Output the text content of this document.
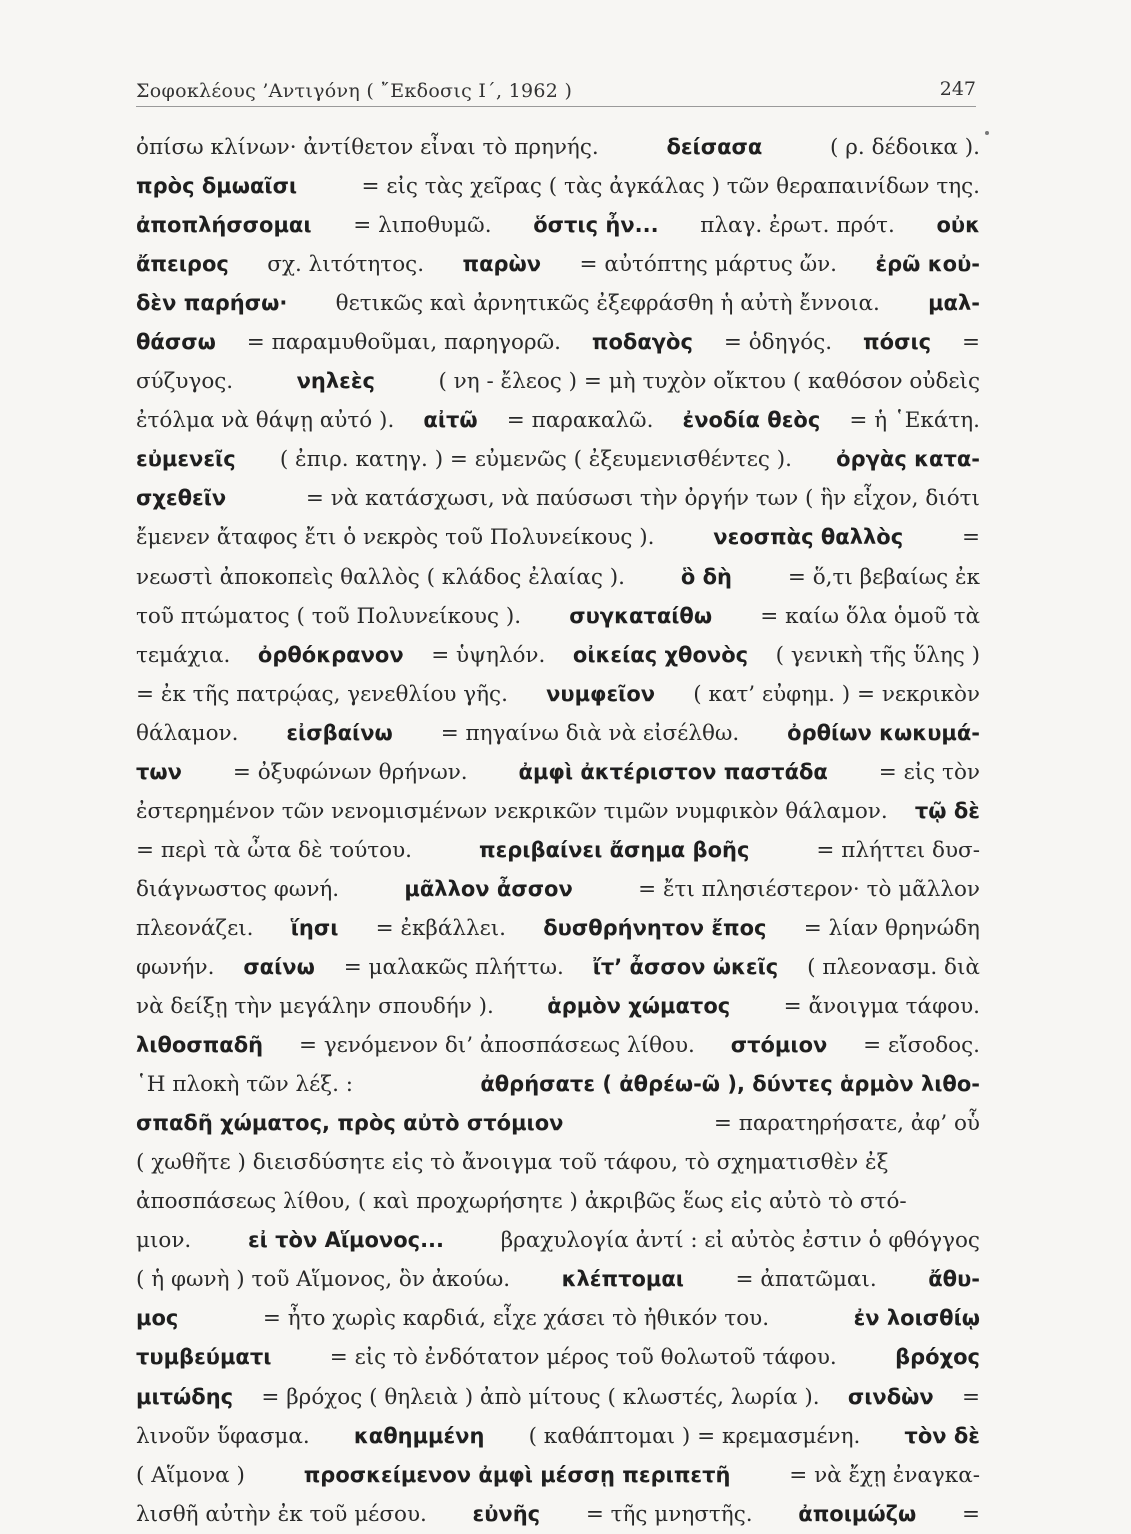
Σοφοκλέους ’Αντιγόνη ( ῎Εκδοσις Ι΄, 1962 )	247
ὀπίσω κλίνων· ἀντίθετον εἶναι τὸ πρηνής.	δείσασα	( ρ. δέδοικα ).
πρὸς δμωαῖσι	= εἰς τὰς χεῖρας ( τὰς ἀγκάλας ) τῶν θεραπαινίδων της.
ἀποπλήσσομαι = λιποθυμῶ. ὅστις ἦν... πλαγ. ἐρωτ. πρότ. οὐκ
ἄπειρος σχ. λιτότητος. παρὼν = αὐτόπτης μάρτυς ὤν. ἐρῶ κοὐ-
δὲν παρήσω· θετικῶς καὶ ἀρνητικῶς ἐξεφράσθη ἡ αὐτὴ ἔννοια. μαλ-
θάσσω = παραμυθοῦμαι, παρηγορῶ. ποδαγὸς = ὁδηγός. πόσις =
σύζυγος.	νηλεὲς	( νη - ἔλεος ) = μὴ τυχὸν οἴκτου ( καθόσον οὐδεὶς
ἐτόλμα νὰ θάψῃ αὐτό ). αἰτῶ = παρακαλῶ. ἐνοδία θεὸς = ἡ ῾Εκάτη.
εὐμενεῖς ( ἐπιρ. κατηγ. ) = εὐμενῶς ( ἐξευμενισθέντες ). ὀργὰς κατα-
σχεθεῖν	= νὰ κατάσχωσι, νὰ παύσωσι τὴν ὀργήν των ( ἣν εἶχον, διότι
ἔμενεν ἄταφος ἔτι ὁ νεκρὸς τοῦ Πολυνείκους ).	νεοσπὰς θαλλὸς	=
νεωστὶ ἀποκοπεὶς θαλλὸς ( κλάδος ἐλαίας ).	ὃ δὴ	= ὅ,τι βεβαίως ἐκ
τοῦ πτώματος ( τοῦ Πολυνείκους ). συγκαταίθω = καίω ὅλα ὁμοῦ τὰ
τεμάχια. ὀρθόκρανον = ὑψηλόν. οἰκείας χθονὸς ( γενικὴ τῆς ὕλης )
= ἐκ τῆς πατρῴας, γενεθλίου γῆς. νυμφεῖον ( κατ’ εὐφημ. ) = νεκρικὸν
θάλαμον. εἰσβαίνω = πηγαίνω διὰ νὰ εἰσέλθω. ὀρθίων κωκυμά-
των = ὀξυφώνων θρήνων. ἀμφὶ ἀκτέριστον παστάδα = εἰς τὸν
ἐστερημένον τῶν νενομισμένων νεκρικῶν τιμῶν νυμφικὸν θάλαμον. τῷ δὲ
= περὶ τὰ ὦτα δὲ τούτου.	περιβαίνει ἄσημα βοῆς	= πλήττει δυσ-
διάγνωστος φωνή.	μᾶλλον ἆσσον	= ἔτι πλησιέστερον· τὸ μᾶλλον
πλεονάζει. ἵησι = ἐκβάλλει. δυσθρήνητον ἔπος = λίαν θρηνώδη
φωνήν. σαίνω = μαλακῶς πλήττω. ἴτ’ ἆσσον ὠκεῖς ( πλεονασμ. διὰ
νὰ δείξῃ τὴν μεγάλην σπουδήν ).	ἁρμὸν χώματος = ἄνοιγμα τάφου.
λιθοσπαδῆ = γενόμενον δι’ ἀποσπάσεως λίθου. στόμιον = εἴσοδος.
῾Η πλοκὴ τῶν λέξ. :	ἀθρήσατε ( ἀθρέω-ῶ ), δύντες ἁρμὸν λιθο-
σπαδῆ χώματος, πρὸς αὐτὸ στόμιον	= παρατηρήσατε, ἀφ’ οὗ
( χωθῆτε ) διεισδύσητε εἰς τὸ ἄνοιγμα τοῦ τάφου, τὸ σχηματισθὲν ἐξ
ἀποσπάσεως λίθου, ( καὶ προχωρήσητε ) ἀκριβῶς ἕως εἰς αὐτὸ τὸ στό-
μιον.	εἰ τὸν Αἵμονος...	βραχυλογία ἀντί : εἰ αὐτὸς ἐστιν ὁ φθόγγος
( ἡ φωνὴ ) τοῦ Αἵμονος, ὃν ἀκούω. κλέπτομαι = ἀπατῶμαι. ἄθυ-
μος	= ἦτο χωρὶς καρδιά, εἶχε χάσει τὸ ἠθικόν του.	ἐν λοισθίῳ
τυμβεύματι	= εἰς τὸ ἐνδότατον μέρος τοῦ θολωτοῦ τάφου.	βρόχος
μιτώδης = βρόχος ( θηλειὰ ) ἀπὸ μίτους ( κλωστές, λωρία ). σινδὼν =
λινοῦν ὕφασμα. καθημμένη ( καθάπτομαι ) = κρεμασμένη. τὸν δὲ
( Αἵμονα )	προσκείμενον ἀμφὶ μέσσῃ περιπετῆ	= νὰ ἔχῃ ἐναγκα-
λισθῆ αὐτὴν ἐκ τοῦ μέσου. εὐνῆς = τῆς μνηστῆς. ἀποιμώζω =
